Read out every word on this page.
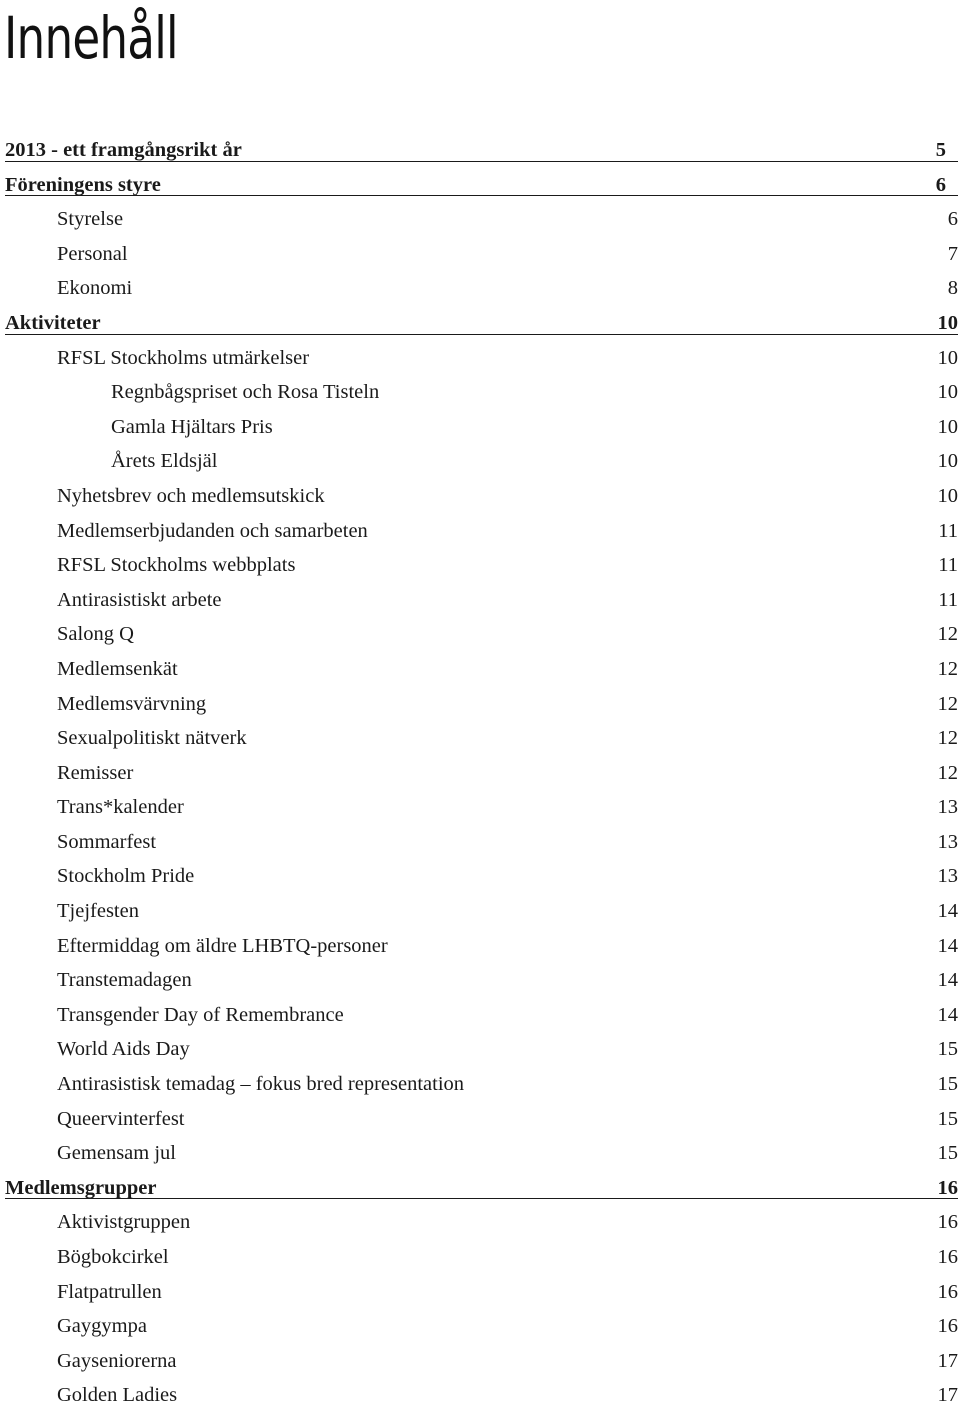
Innehåll
2013 - ett framgångsrikt år	5
Föreningens styre	6
Styrelse	6
Personal	7
Ekonomi	8
Aktiviteter	10
RFSL Stockholms utmärkelser	10
Regnbågspriset och Rosa Tisteln	10
Gamla Hjältars Pris	10
Årets Eldsjäl	10
Nyhetsbrev och medlemsutskick	10
Medlemserbjudanden och samarbeten	11
RFSL Stockholms webbplats	11
Antirasistiskt arbete	11
Salong Q	12
Medlemsenkät	12
Medlemsvärvning	12
Sexualpolitiskt nätverk	12
Remisser	12
Trans*kalender	13
Sommarfest	13
Stockholm Pride	13
Tjejfesten	14
Eftermiddag om äldre LHBTQ-personer	14
Transtemadagen	14
Transgender Day of Remembrance	14
World Aids Day	15
Antirasistisk temadag – fokus bred representation	15
Queervinterfest	15
Gemensam jul	15
Medlemsgrupper	16
Aktivistgruppen	16
Bögbokcirkel	16
Flatpatrullen	16
Gaygympa	16
Gayseniorerna	17
Golden Ladies	17
